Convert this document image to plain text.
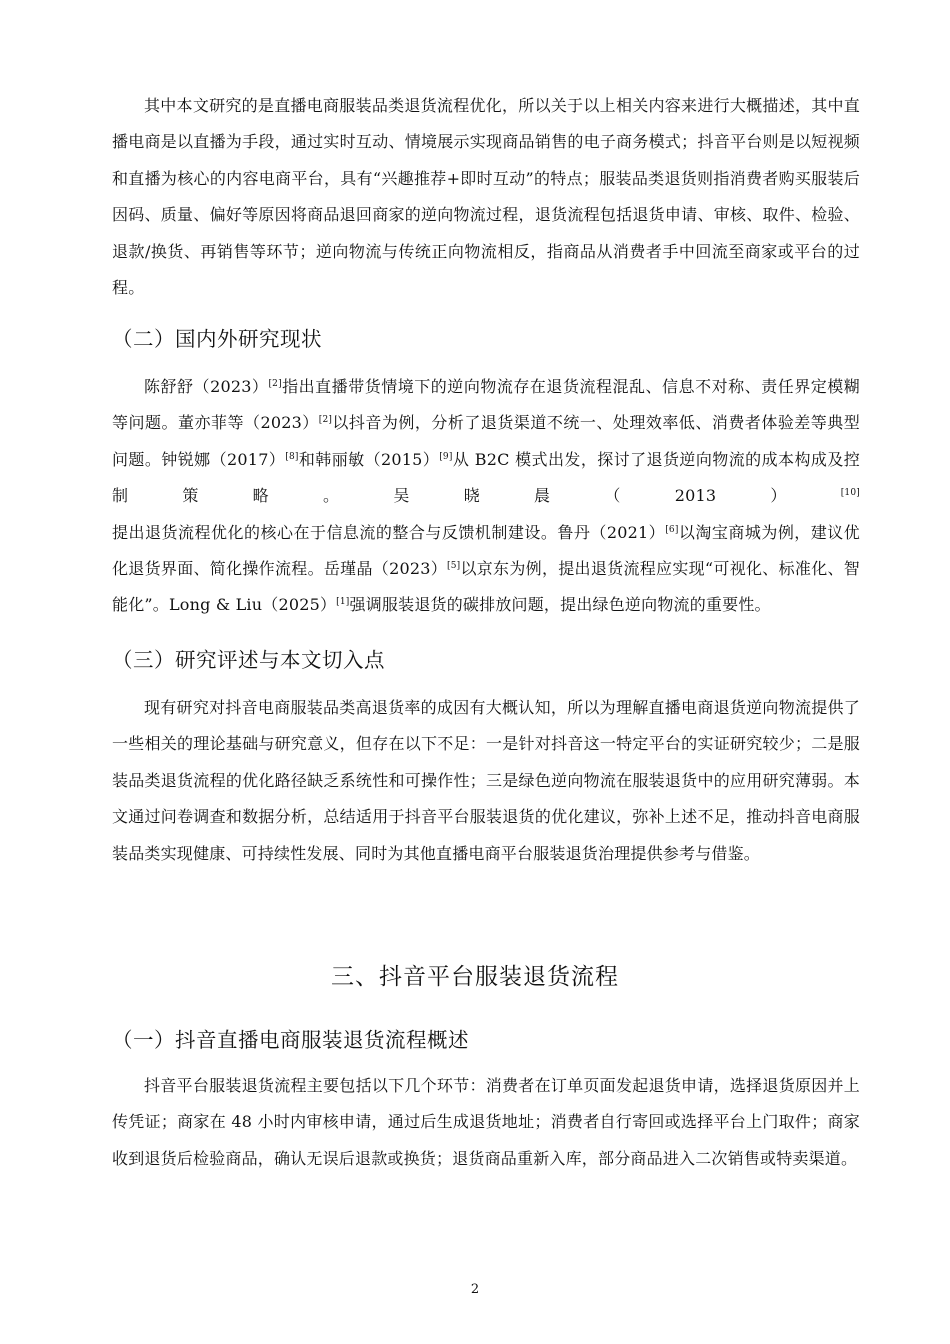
其中本文研究的是直播电商服装品类退货流程优化，所以关于以上相关内容来进行大概描述，其中直播电商是以直播为手段，通过实时互动、情境展示实现商品销售的电子商务模式；抖音平台则是以短视频和直播为核心的内容电商平台，具有“兴趣推荐+即时互动”的特点；服装品类退货则指消费者购买服装后因码、质量、偏好等原因将商品退回商家的逆向物流过程，退货流程包括退货申请、审核、取件、检验、退款/换货、再销售等环节；逆向物流与传统正向物流相反，指商品从消费者手中回流至商家或平台的过程。

（二）国内外研究现状

陈舒舒（2023）[2]指出直播带货情境下的逆向物流存在退货流程混乱、信息不对称、责任界定模糊等问题。董亦菲等（2023）[2]以抖音为例，分析了退货渠道不统一、处理效率低、消费者体验差等典型问题。钟锐娜（2017）[8]和韩丽敏（2015）[9]从 B2C 模式出发，探讨了退货逆向物流的成本构成及控制策略。吴晓晨（2013）[10]提出退货流程优化的核心在于信息流的整合与反馈机制建设。鲁丹（2021）[6]以淘宝商城为例，建议优化退货界面、简化操作流程。岳瑾晶（2023）[5]以京东为例，提出退货流程应实现“可视化、标准化、智能化”。Long & Liu（2025）[1]强调服装退货的碳排放问题，提出绿色逆向物流的重要性。

（三）研究评述与本文切入点

现有研究对抖音电商服装品类高退货率的成因有大概认知，所以为理解直播电商退货逆向物流提供了一些相关的理论基础与研究意义，但存在以下不足：一是针对抖音这一特定平台的实证研究较少；二是服装品类退货流程的优化路径缺乏系统性和可操作性；三是绿色逆向物流在服装退货中的应用研究薄弱。本文通过问卷调查和数据分析，总结适用于抖音平台服装退货的优化建议，弥补上述不足，推动抖音电商服装品类实现健康、可持续性发展、同时为其他直播电商平台服装退货治理提供参考与借鉴。

三、抖音平台服装退货流程
（一）抖音直播电商服装退货流程概述

抖音平台服装退货流程主要包括以下几个环节：消费者在订单页面发起退货申请，选择退货原因并上传凭证；商家在 48 小时内审核申请，通过后生成退货地址；消费者自行寄回或选择平台上门取件；商家收到退货后检验商品，确认无误后退款或换货；退货商品重新入库，部分商品进入二次销售或特卖渠道。

2
